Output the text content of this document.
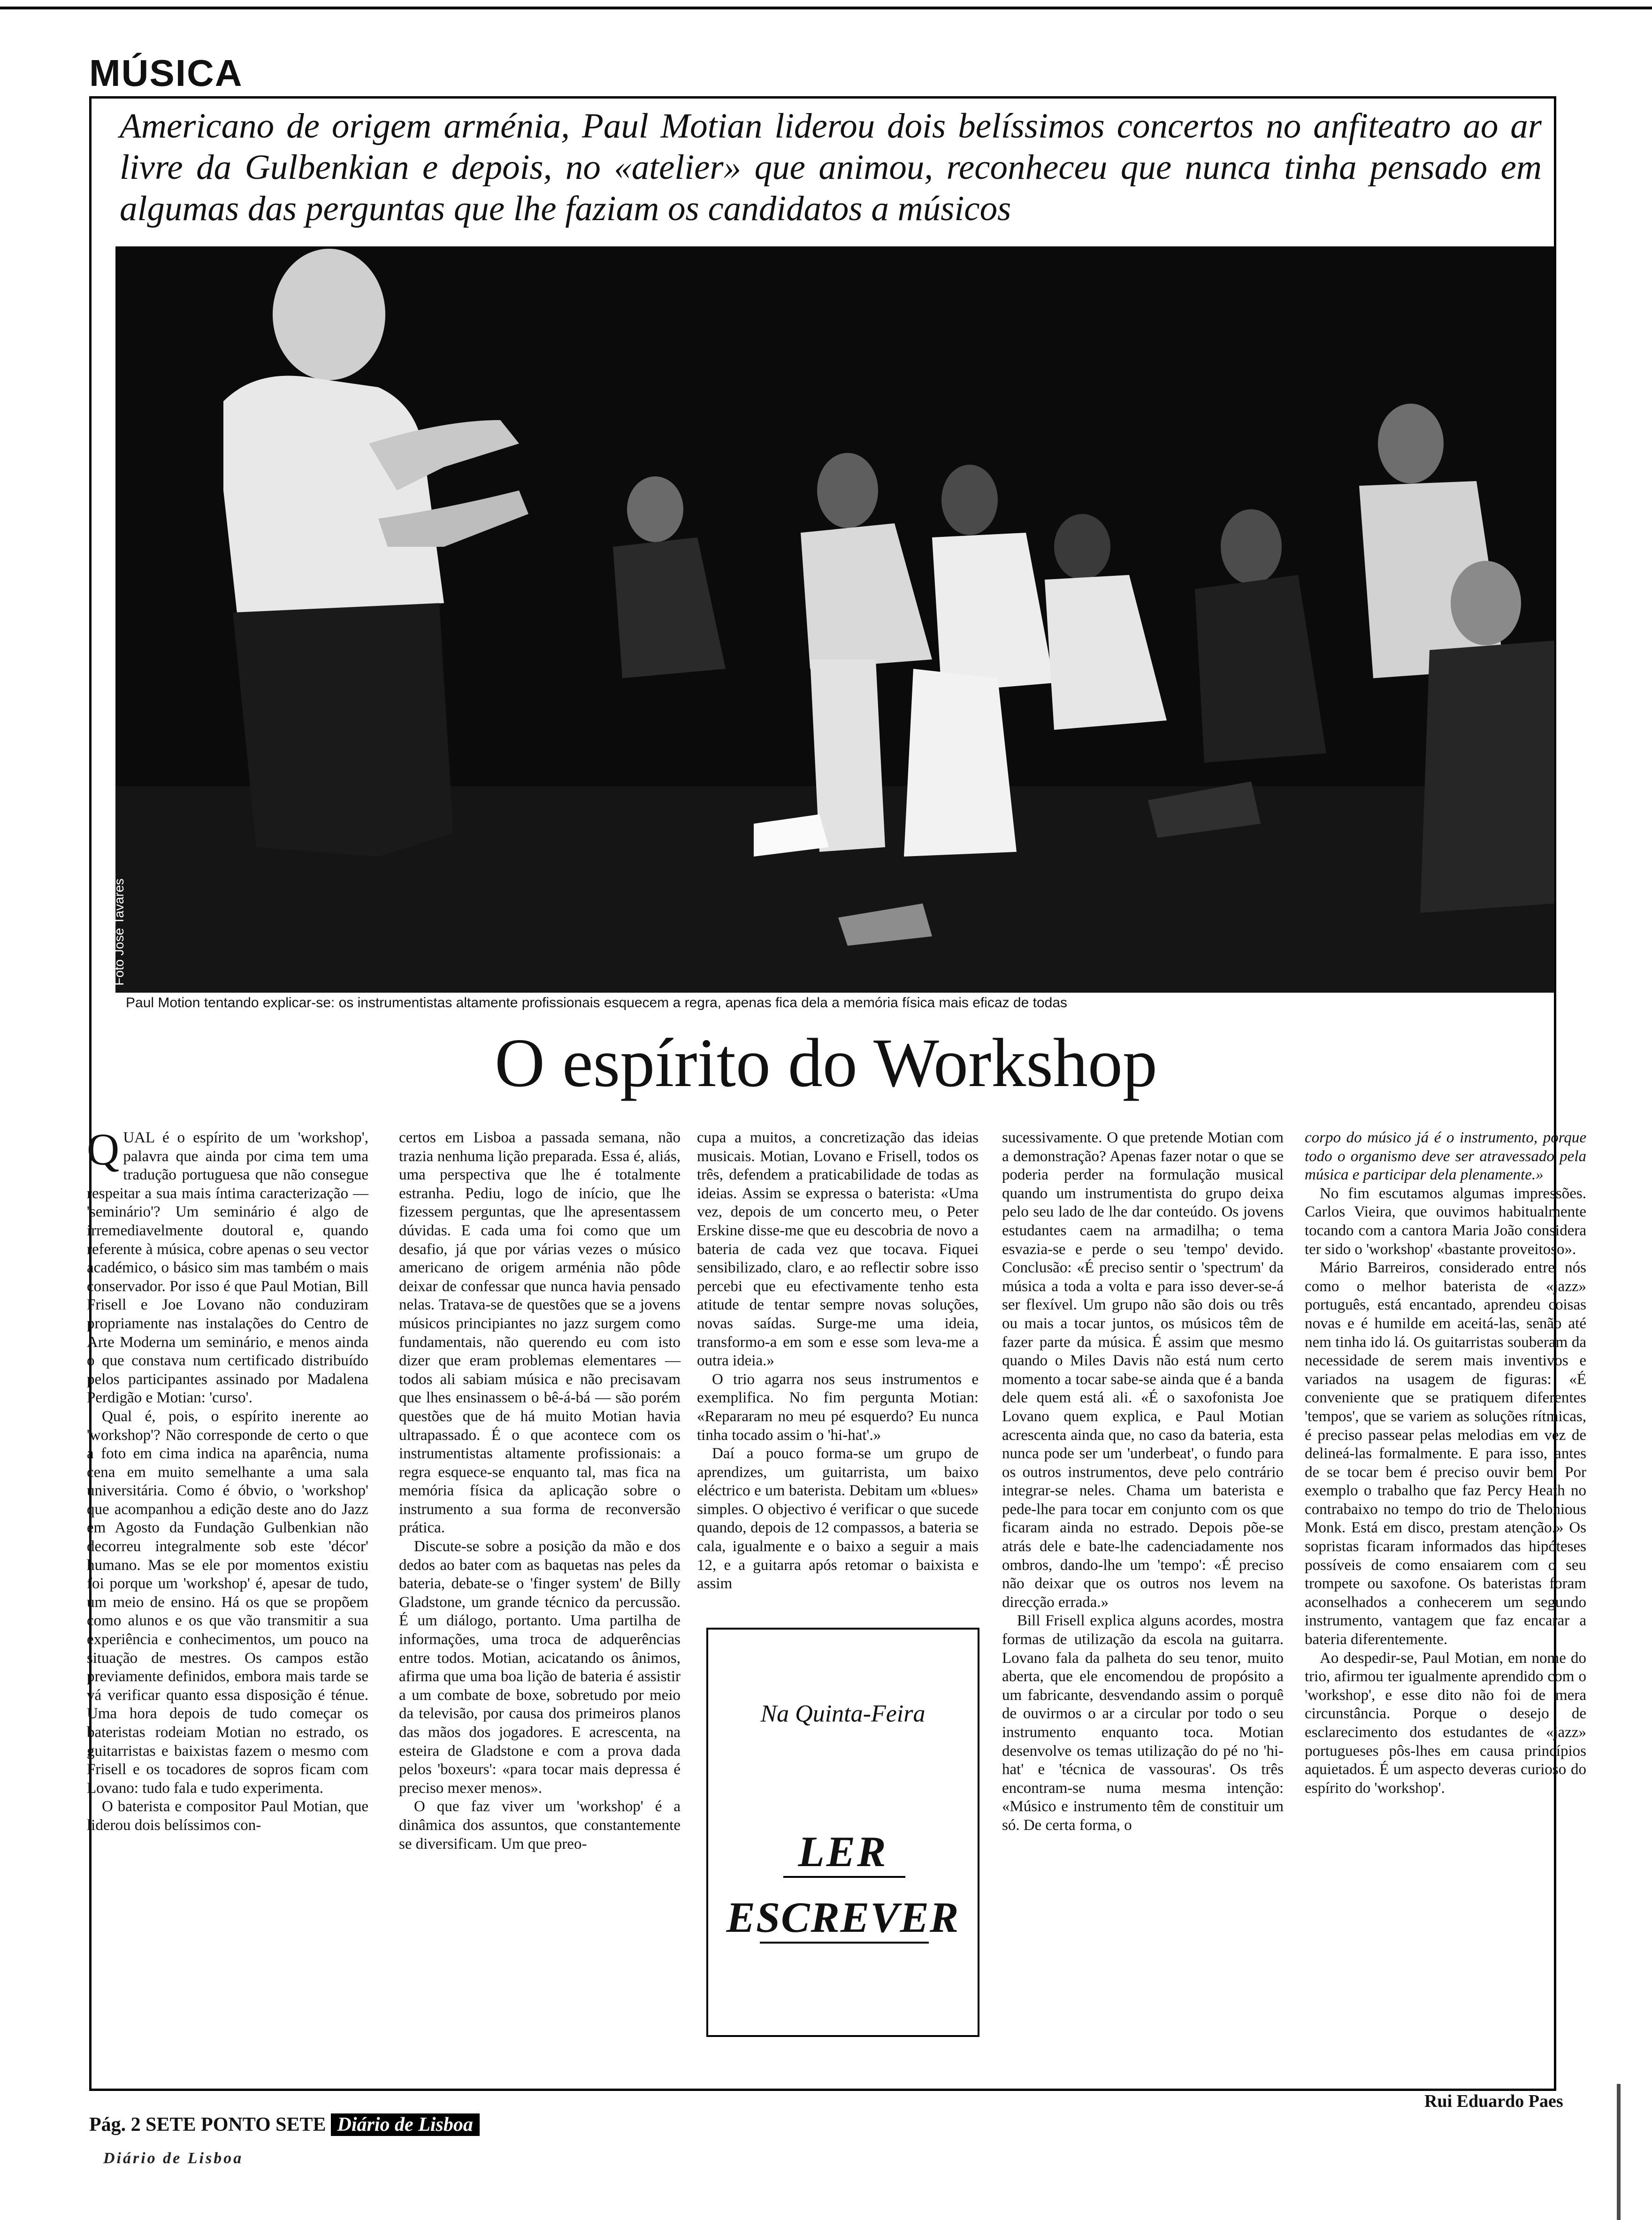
MÚSICA
Americano de origem arménia, Paul Motian liderou dois belíssimos concertos no anfiteatro ao ar livre da Gulbenkian e depois, no «atelier» que animou, reconheceu que nunca tinha pensado em algumas das perguntas que lhe faziam os candidatos a músicos
Foto José Tavares
Paul Motion tentando explicar-se: os instrumentistas altamente profissionais esquecem a regra, apenas fica dela a memória física mais eficaz de todas
O espírito do Workshop

QUAL é o espírito de um 'workshop', palavra que ainda por cima tem uma tradução portuguesa que não consegue respeitar a sua mais íntima caracterização — 'seminário'? Um seminário é algo de irremediavelmente doutoral e, quando referente à música, cobre apenas o seu vector académico, o básico sim mas também o mais conservador. Por isso é que Paul Motian, Bill Frisell e Joe Lovano não conduziram propriamente nas instalações do Centro de Arte Moderna um seminário, e menos ainda o que constava num certificado distribuído pelos participantes assinado por Madalena Perdigão e Motian: 'curso'.

Qual é, pois, o espírito inerente ao 'workshop'? Não corresponde de certo o que a foto em cima indica na aparência, numa cena em muito semelhante a uma sala universitária. Como é óbvio, o 'workshop' que acompanhou a edição deste ano do Jazz em Agosto da Fundação Gulbenkian não decorreu integralmente sob este 'décor' humano. Mas se ele por momentos existiu foi porque um 'workshop' é, apesar de tudo, um meio de ensino. Há os que se propõem como alunos e os que vão transmitir a sua experiência e conhecimentos, um pouco na situação de mestres. Os campos estão previamente definidos, embora mais tarde se vá verificar quanto essa disposição é ténue. Uma hora depois de tudo começar os bateristas rodeiam Motian no estrado, os guitarristas e baixistas fazem o mesmo com Frisell e os tocadores de sopros ficam com Lovano: tudo fala e tudo experimenta.

O baterista e compositor Paul Motian, que liderou dois belíssimos con-

certos em Lisboa a passada semana, não trazia nenhuma lição preparada. Essa é, aliás, uma perspectiva que lhe é totalmente estranha. Pediu, logo de início, que lhe fizessem perguntas, que lhe apresentassem dúvidas. E cada uma foi como que um desafio, já que por várias vezes o músico americano de origem arménia não pôde deixar de confessar que nunca havia pensado nelas. Tratava-se de questões que se a jovens músicos principiantes no jazz surgem como fundamentais, não querendo eu com isto dizer que eram problemas elementares — todos ali sabiam música e não precisavam que lhes ensinassem o bê-á-bá — são porém questões que de há muito Motian havia ultrapassado. É o que acontece com os instrumentistas altamente profissionais: a regra esquece-se enquanto tal, mas fica na memória física da aplicação sobre o instrumento a sua forma de reconversão prática.

Discute-se sobre a posição da mão e dos dedos ao bater com as baquetas nas peles da bateria, debate-se o 'finger system' de Billy Gladstone, um grande técnico da percussão. É um diálogo, portanto. Uma partilha de informações, uma troca de adquerências entre todos. Motian, acicatando os ânimos, afirma que uma boa lição de bateria é assistir a um combate de boxe, sobretudo por meio da televisão, por causa dos primeiros planos das mãos dos jogadores. E acrescenta, na esteira de Gladstone e com a prova dada pelos 'boxeurs': «para tocar mais depressa é preciso mexer menos».

O que faz viver um 'workshop' é a dinâmica dos assuntos, que constantemente se diversificam. Um que preo-

cupa a muitos, a concretização das ideias musicais. Motian, Lovano e Frisell, todos os três, defendem a praticabilidade de todas as ideias. Assim se expressa o baterista: «Uma vez, depois de um concerto meu, o Peter Erskine disse-me que eu descobria de novo a bateria de cada vez que tocava. Fiquei sensibilizado, claro, e ao reflectir sobre isso percebi que eu efectivamente tenho esta atitude de tentar sempre novas soluções, novas saídas. Surge-me uma ideia, transformo-a em som e esse som leva-me a outra ideia.»

O trio agarra nos seus instrumentos e exemplifica. No fim pergunta Motian: «Repararam no meu pé esquerdo? Eu nunca tinha tocado assim o 'hi-hat'.»

Daí a pouco forma-se um grupo de aprendizes, um guitarrista, um baixo eléctrico e um baterista. Debitam um «blues» simples. O objectivo é verificar o que sucede quando, depois de 12 compassos, a bateria se cala, igualmente e o baixo a seguir a mais 12, e a guitarra após retomar o baixista e assim

sucessivamente. O que pretende Motian com a demonstração? Apenas fazer notar o que se poderia perder na formulação musical quando um instrumentista do grupo deixa pelo seu lado de lhe dar conteúdo. Os jovens estudantes caem na armadilha; o tema esvazia-se e perde o seu 'tempo' devido. Conclusão: «É preciso sentir o 'spectrum' da música a toda a volta e para isso dever-se-á ser flexível. Um grupo não são dois ou três ou mais a tocar juntos, os músicos têm de fazer parte da música. É assim que mesmo quando o Miles Davis não está num certo momento a tocar sabe-se ainda que é a banda dele quem está ali. «É o saxofonista Joe Lovano quem explica, e Paul Motian acrescenta ainda que, no caso da bateria, esta nunca pode ser um 'underbeat', o fundo para os outros instrumentos, deve pelo contrário integrar-se neles. Chama um baterista e pede-lhe para tocar em conjunto com os que ficaram ainda no estrado. Depois põe-se atrás dele e bate-lhe cadenciadamente nos ombros, dando-lhe um 'tempo': «É preciso não deixar que os outros nos levem na direcção errada.»

Bill Frisell explica alguns acordes, mostra formas de utilização da escola na guitarra. Lovano fala da palheta do seu tenor, muito aberta, que ele encomendou de propósito a um fabricante, desvendando assim o porquê de ouvirmos o ar a circular por todo o seu instrumento enquanto toca. Motian desenvolve os temas utilização do pé no 'hi-hat' e 'técnica de vassouras'. Os três encontram-se numa mesma intenção: «Músico e instrumento têm de constituir um só. De certa forma, o

corpo do músico já é o instrumento, porque todo o organismo deve ser atravessado pela música e participar dela plenamente.»

No fim escutamos algumas impressões. Carlos Vieira, que ouvimos habitualmente tocando com a cantora Maria João considera ter sido o 'workshop' «bastante proveitoso».

Mário Barreiros, considerado entre nós como o melhor baterista de «jazz» português, está encantado, aprendeu coisas novas e é humilde em aceitá-las, senão até nem tinha ido lá. Os guitarristas souberam da necessidade de serem mais inventivos e variados na usagem de figuras: «É conveniente que se pratiquem diferentes 'tempos', que se variem as soluções rítmicas, é preciso passear pelas melodias em vez de delineá-las formalmente. E para isso, antes de se tocar bem é preciso ouvir bem. Por exemplo o trabalho que faz Percy Heath no contrabaixo no tempo do trio de Thelonious Monk. Está em disco, prestam atenção.» Os sopristas ficaram informados das hipóteses possíveis de como ensaiarem com o seu trompete ou saxofone. Os bateristas foram aconselhados a conhecerem um segundo instrumento, vantagem que faz encarar a bateria diferentemente.

Ao despedir-se, Paul Motian, em nome do trio, afirmou ter igualmente aprendido com o 'workshop', e esse dito não foi de mera circunstância. Porque o desejo de esclarecimento dos estudantes de «jazz» portugueses pôs-lhes em causa princípios aquietados. É um aspecto deveras curioso do espírito do 'workshop'.

Na Quinta-Feira
LER
ESCREVER
Rui Eduardo Paes
Pág. 2 SETE PONTO SETE Diário de Lisboa
Diário de Lisboa
